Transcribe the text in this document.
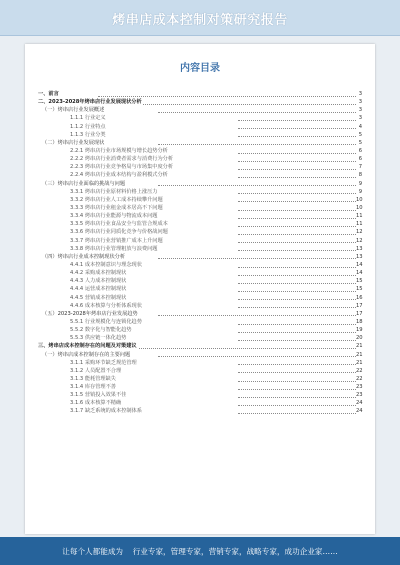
烤串店成本控制对策研究报告
内容目录
一、前言	3
二、2023-2028年烤串店行业发展现状分析	3
（一）烤串店行业发展概述	3
1.1.1 行业定义	3
1.1.2 行业特点	4
1.1.3 行业分类	5
（二）烤串店行业发展现状	5
2.2.1 烤串店行业市场规模与增长趋势分析	6
2.2.2 烤串店行业消费者需求与消费行为分析	6
2.2.3 烤串店行业竞争格局与市场集中度分析	7
2.2.4 烤串店行业成本结构与盈利模式分析	8
（三）烤串店行业面临的挑战与问题	9
3.3.1 烤串店行业原材料价格上涨压力	9
3.3.2 烤串店行业人工成本持续攀升问题	10
3.3.3 烤串店行业租金成本居高不下问题	10
3.3.4 烤串店行业能源与物流成本问题	11
3.3.5 烤串店行业食品安全与监管合规成本	11
3.3.6 烤串店行业同质化竞争与价格战问题	12
3.3.7 烤串店行业营销推广成本上升问题	12
3.3.8 烤串店行业管理粗放与浪费问题	13
（四）烤串店行业成本控制现状分析	13
4.4.1 成本控制意识与理念现状	14
4.4.2 采购成本控制现状	14
4.4.3 人力成本控制现状	15
4.4.4 运营成本控制现状	15
4.4.5 营销成本控制现状	16
4.4.6 成本核算与分析体系现状	17
（五）2023-2028年烤串店行业发展趋势	17
5.5.1 行业规模化与连锁化趋势	18
5.5.2 数字化与智能化趋势	19
5.5.3 供应链一体化趋势	20
三、烤串店成本控制存在的问题及对策建议	21
（一）烤串店成本控制存在的主要问题	21
3.1.1 采购环节缺乏规范管理	21
3.1.2 人员配置不合理	22
3.1.3 能耗管理缺失	22
3.1.4 库存管理不善	23
3.1.5 营销投入效果不佳	23
3.1.6 成本核算不精确	24
3.1.7 缺乏系统的成本控制体系	24
让每个人都能成为 行业专家，管理专家，营销专家，战略专家，成功企业家……
